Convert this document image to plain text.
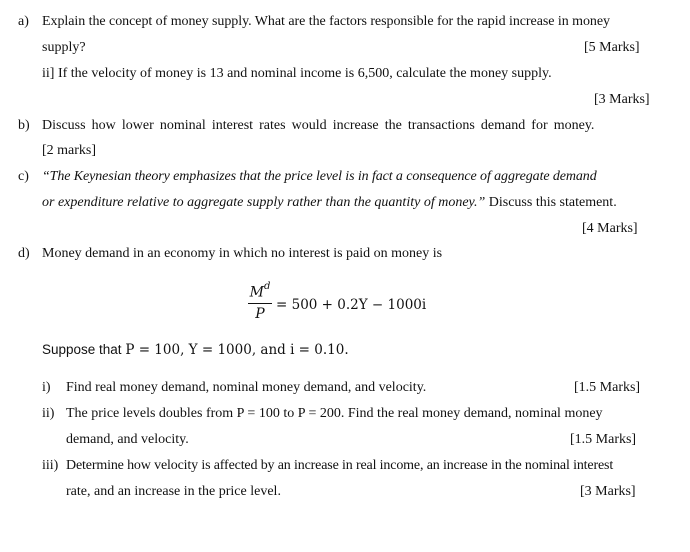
a) Explain the concept of money supply. What are the factors responsible for the rapid increase in money
supply?	[5 Marks]
ii] If the velocity of money is 13 and nominal income is 6,500, calculate the money supply.
[3 Marks]
b) Discuss how lower nominal interest rates would increase the transactions demand for money.
[2 marks]
c) “The Keynesian theory emphasizes that the price level is in fact a consequence of aggregate demand
or expenditure relative to aggregate supply rather than the quantity of money.” Discuss this statement.
[4 Marks]
d) Money demand in an economy in which no interest is paid on money is
$M^d$
P
= 500 + 0.2Y − 1000i
Suppose that P = 100, Y = 1000, and i = 0.10.
i) Find real money demand, nominal money demand, and velocity.	[1.5 Marks]
ii) The price levels doubles from P = 100 to P = 200. Find the real money demand, nominal money
demand, and velocity.	[1.5 Marks]
iii) Determine how velocity is affected by an increase in real income, an increase in the nominal interest
rate, and an increase in the price level.	[3 Marks]
